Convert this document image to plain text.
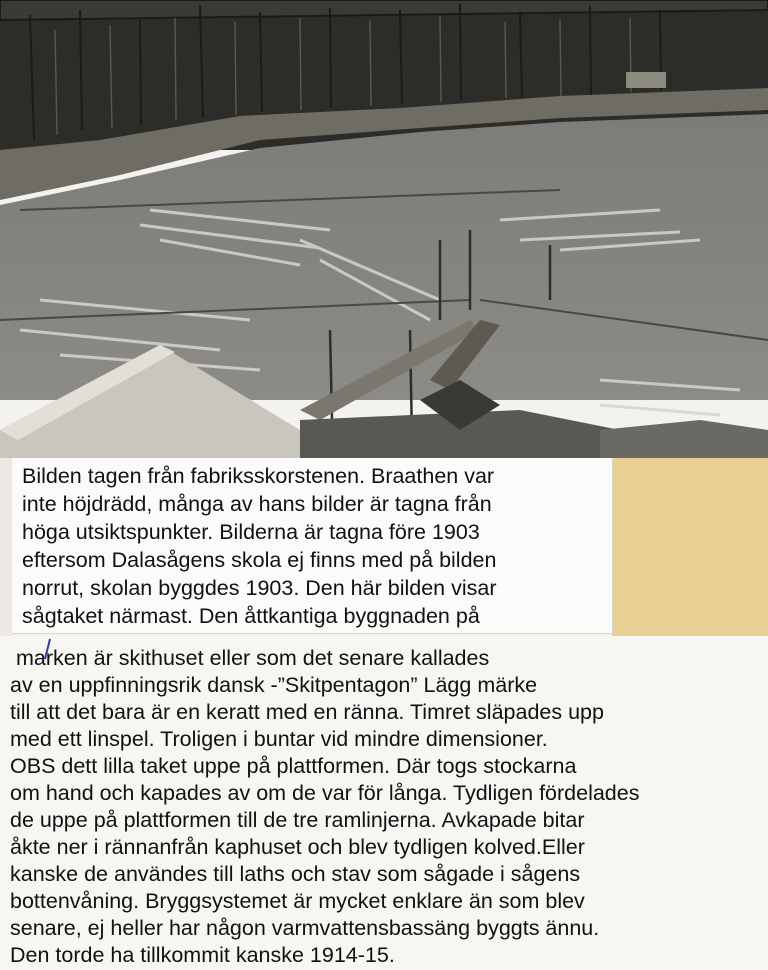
Bilden tagen från fabriksskorstenen. Braathen var

inte höjdrädd, många av hans bilder är tagna från

höga utsiktspunkter. Bilderna är tagna före 1903

eftersom Dalasågens skola ej finns med på bilden

norrut, skolan byggdes 1903. Den här bilden visar

sågtaket närmast. Den åttkantiga byggnaden på

marken är skithuset eller som det senare kallades

av en uppfinningsrik dansk -”Skitpentagon” Lägg märke

till att det bara är en keratt med en ränna. Timret släpades upp

med ett linspel. Troligen i buntar vid mindre dimensioner.

OBS dett lilla taket uppe på plattformen. Där togs stockarna

om hand och kapades av om de var för långa. Tydligen fördelades

de uppe på plattformen till de tre ramlinjerna. Avkapade bitar

åkte ner i rännanfrån kaphuset och blev tydligen kolved.Eller

kanske de användes till laths och stav som sågade i sågens

bottenvåning. Bryggsystemet är mycket enklare än som blev

senare, ej heller har någon varmvattensbassäng byggts ännu.

Den torde ha tillkommit kanske 1914-15.
